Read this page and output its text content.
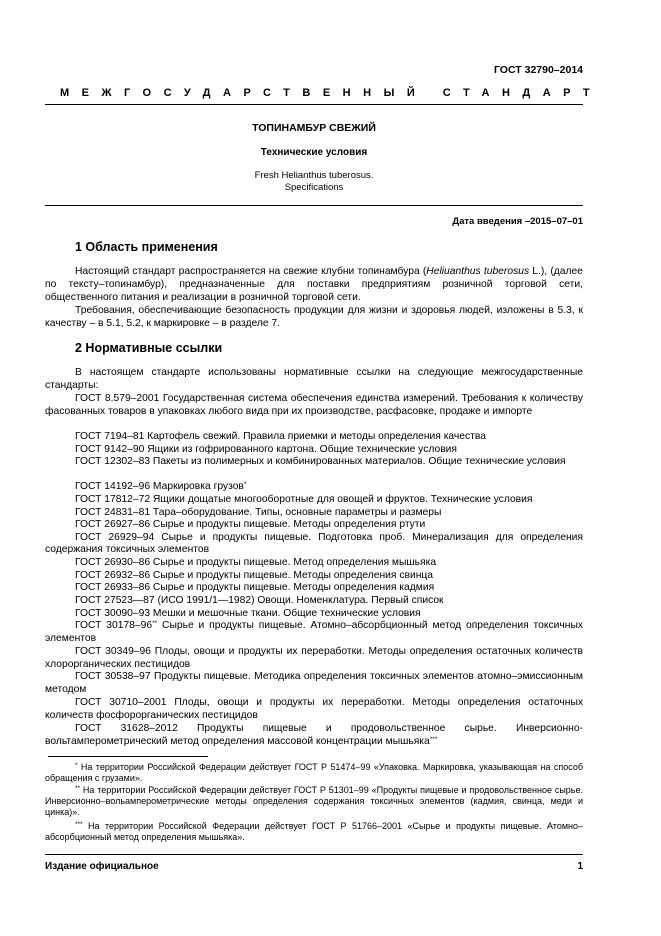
ГОСТ 32790–2014
МЕЖГОСУДАРСТВЕННЫЙ СТАНДАРТ
ТОПИНАМБУР СВЕЖИЙ
Технические условия
Fresh Helianthus tuberosus.
Specifications
Дата введения –2015–07–01
1 Область применения
Настоящий стандарт распространяется на свежие клубни топинамбура (Heliuanthus tuberosus L.), (далее по тексту–топинамбур), предназначенные для поставки предприятиям розничной торговой сети, общественного питания и реализации в розничной торговой сети.
Требования, обеспечивающие безопасность продукции для жизни и здоровья людей, изложены в 5.3, к качеству – в 5.1, 5.2, к маркировке – в разделе 7.
2 Нормативные ссылки
В настоящем стандарте использованы нормативные ссылки на следующие межгосударственные стандарты:
ГОСТ 8.579–2001 Государственная система обеспечения единства измерений. Требования к количеству фасованных товаров в упаковках любого вида при их производстве, расфасовке, продаже и импорте
ГОСТ 7194–81 Картофель свежий. Правила приемки и методы определения качества
ГОСТ 9142–90 Ящики из гофрированного картона. Общие технические условия
ГОСТ 12302–83 Пакеты из полимерных и комбинированных материалов. Общие технические условия
ГОСТ 14192–96 Маркировка грузов*
ГОСТ 17812–72 Ящики дощатые многооборотные для овощей и фруктов. Технические условия
ГОСТ 24831–81 Тара–оборудование. Типы, основные параметры и размеры
ГОСТ 26927–86 Сырье и продукты пищевые. Методы определения ртути
ГОСТ 26929–94 Сырье и продукты пищевые. Подготовка проб. Минерализация для определения содержания токсичных элементов
ГОСТ 26930–86 Сырье и продукты пищевые. Метод определения мышьяка
ГОСТ 26932–86 Сырье и продукты пищевые. Методы определения свинца
ГОСТ 26933–86 Сырье и продукты пищевые. Методы определения кадмия
ГОСТ 27523—87 (ИСО 1991/1—1982) Овощи. Номенклатура. Первый список
ГОСТ 30090–93 Мешки и мешочные ткани. Общие технические условия
ГОСТ 30178–96** Сырье и продукты пищевые. Атомно–абсорбционный метод определения токсичных элементов
ГОСТ 30349–96 Плоды, овощи и продукты их переработки. Методы определения остаточных количеств хлорорганических пестицидов
ГОСТ 30538–97 Продукты пищевые. Методика определения токсичных элементов атомно–эмиссионным методом
ГОСТ 30710–2001 Плоды, овощи и продукты их переработки. Методы определения остаточных количеств фосфорорганических пестицидов
ГОСТ 31628–2012 Продукты пищевые и продовольственное сырье. Инверсионно-вольтамперометрический метод определения массовой концентрации мышьяка***
* На территории Российской Федерации действует ГОСТ Р 51474–99 «Упаковка. Маркировка, указывающая на способ обращения с грузами».
** На территории Российской Федерации действует ГОСТ Р 51301–99 «Продукты пищевые и продовольственное сырье. Инверсионно–вольамперометрические методы определения содержания токсичных элементов (кадмия, свинца, меди и цинка)».
*** На территории Российской Федерации действует ГОСТ Р 51766–2001 «Сырье и продукты пищевые. Атомно–абсорбционный метод определения мышьяка».
Издание официальное	1
